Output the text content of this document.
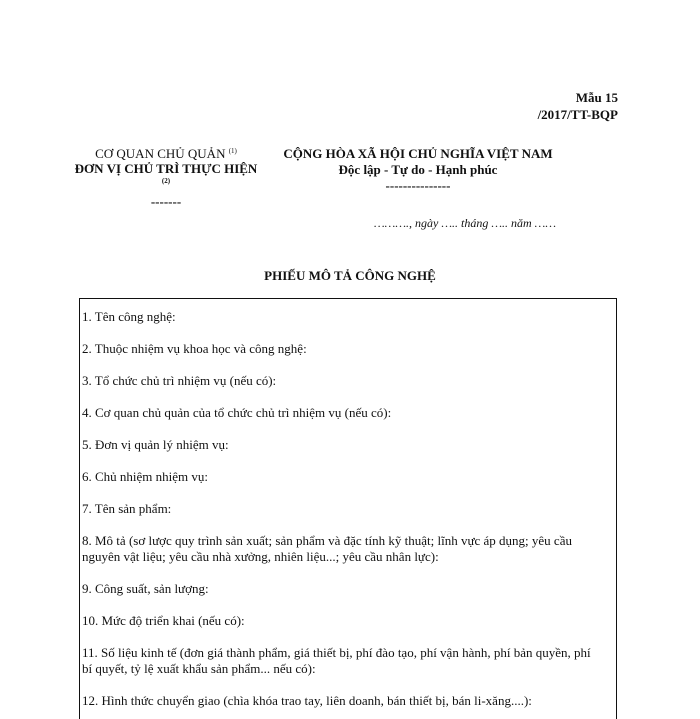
Mẫu 15
/2017/TT-BQP
CƠ QUAN CHỦ QUẢN $^{(1)}$
ĐƠN VỊ CHỦ TRÌ THỰC HIỆN $^{(2)}$
-------
CỘNG HÒA XÃ HỘI CHỦ NGHĨA VIỆT NAM
Độc lập - Tự do - Hạnh phúc
---------------
………., ngày ….. tháng ….. năm ……
PHIẾU MÔ TẢ CÔNG NGHỆ
1. Tên công nghệ:
2. Thuộc nhiệm vụ khoa học và công nghệ:
3. Tổ chức chủ trì nhiệm vụ (nếu có):
4. Cơ quan chủ quản của tổ chức chủ trì nhiệm vụ (nếu có):
5. Đơn vị quản lý nhiệm vụ:
6. Chủ nhiệm nhiệm vụ:
7. Tên sản phẩm:
8. Mô tả (sơ lược quy trình sản xuất; sản phẩm và đặc tính kỹ thuật; lĩnh vực áp dụng; yêu cầu nguyên vật liệu; yêu cầu nhà xưởng, nhiên liệu...; yêu cầu nhân lực):
9. Công suất, sản lượng:
10. Mức độ triển khai (nếu có):
11. Số liệu kinh tế (đơn giá thành phẩm, giá thiết bị, phí đào tạo, phí vận hành, phí bản quyền, phí bí quyết, tỷ lệ xuất khẩu sản phẩm... nếu có):
12. Hình thức chuyển giao (chìa khóa trao tay, liên doanh, bán thiết bị, bán li-xăng....):
